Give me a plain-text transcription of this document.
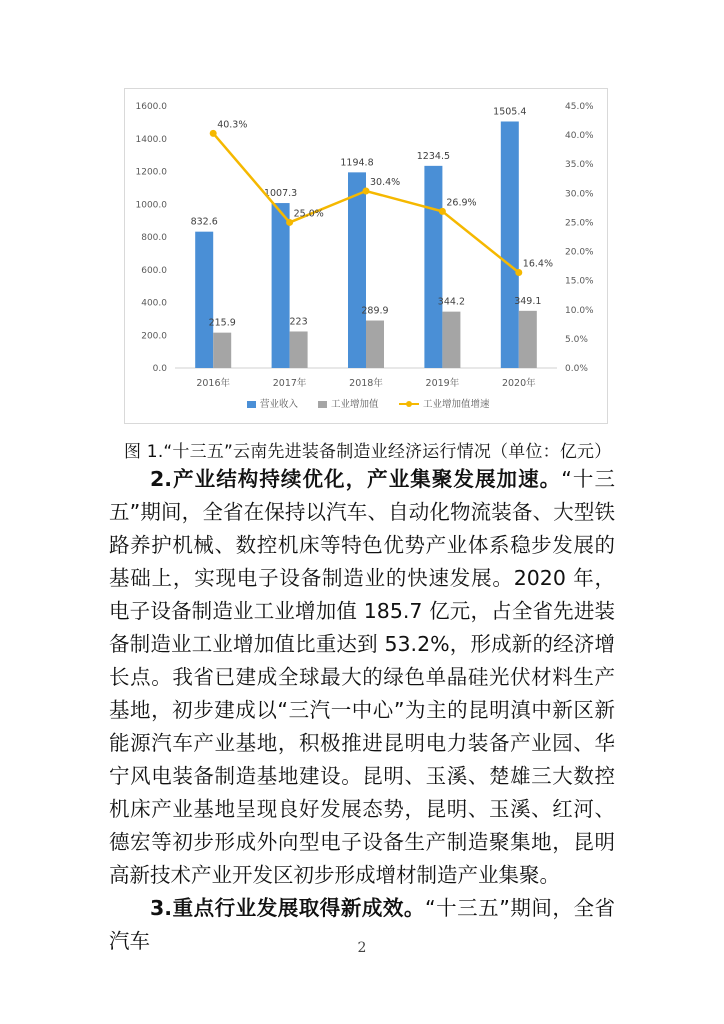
0.0
200.0
400.0
600.0
800.0
1000.0
1200.0
1400.0
1600.0
0.0%
5.0%
10.0%
15.0%
20.0%
25.0%
30.0%
35.0%
40.0%
45.0%
2016年	2017年	2018年	2019年	2020年
832.6
1007.3
1194.8
1234.5
1505.4
215.9	223
289.9
344.2	349.1
40.3%
25.0%
30.4%
26.9%
16.4%
营业收入	工业增加值	工业增加值增速
图 1.“十三五”云南先进装备制造业经济运行情况（单位：亿元）

2.产业结构持续优化，产业集聚发展加速。“十三五”期间，全省在保持以汽车、自动化物流装备、大型铁路养护机械、数控机床等特色优势产业体系稳步发展的基础上，实现电子设备制造业的快速发展。2020 年，电子设备制造业工业增加值 185.7 亿元，占全省先进装备制造业工业增加值比重达到 53.2%，形成新的经济增长点。我省已建成全球最大的绿色单晶硅光伏材料生产基地，初步建成以“三汽一中心”为主的昆明滇中新区新能源汽车产业基地，积极推进昆明电力装备产业园、华宁风电装备制造基地建设。昆明、玉溪、楚雄三大数控机床产业基地呈现良好发展态势，昆明、玉溪、红河、德宏等初步形成外向型电子设备生产制造聚集地，昆明高新技术产业开发区初步形成增材制造产业集聚。

3.重点行业发展取得新成效。“十三五”期间，全省汽车	2
